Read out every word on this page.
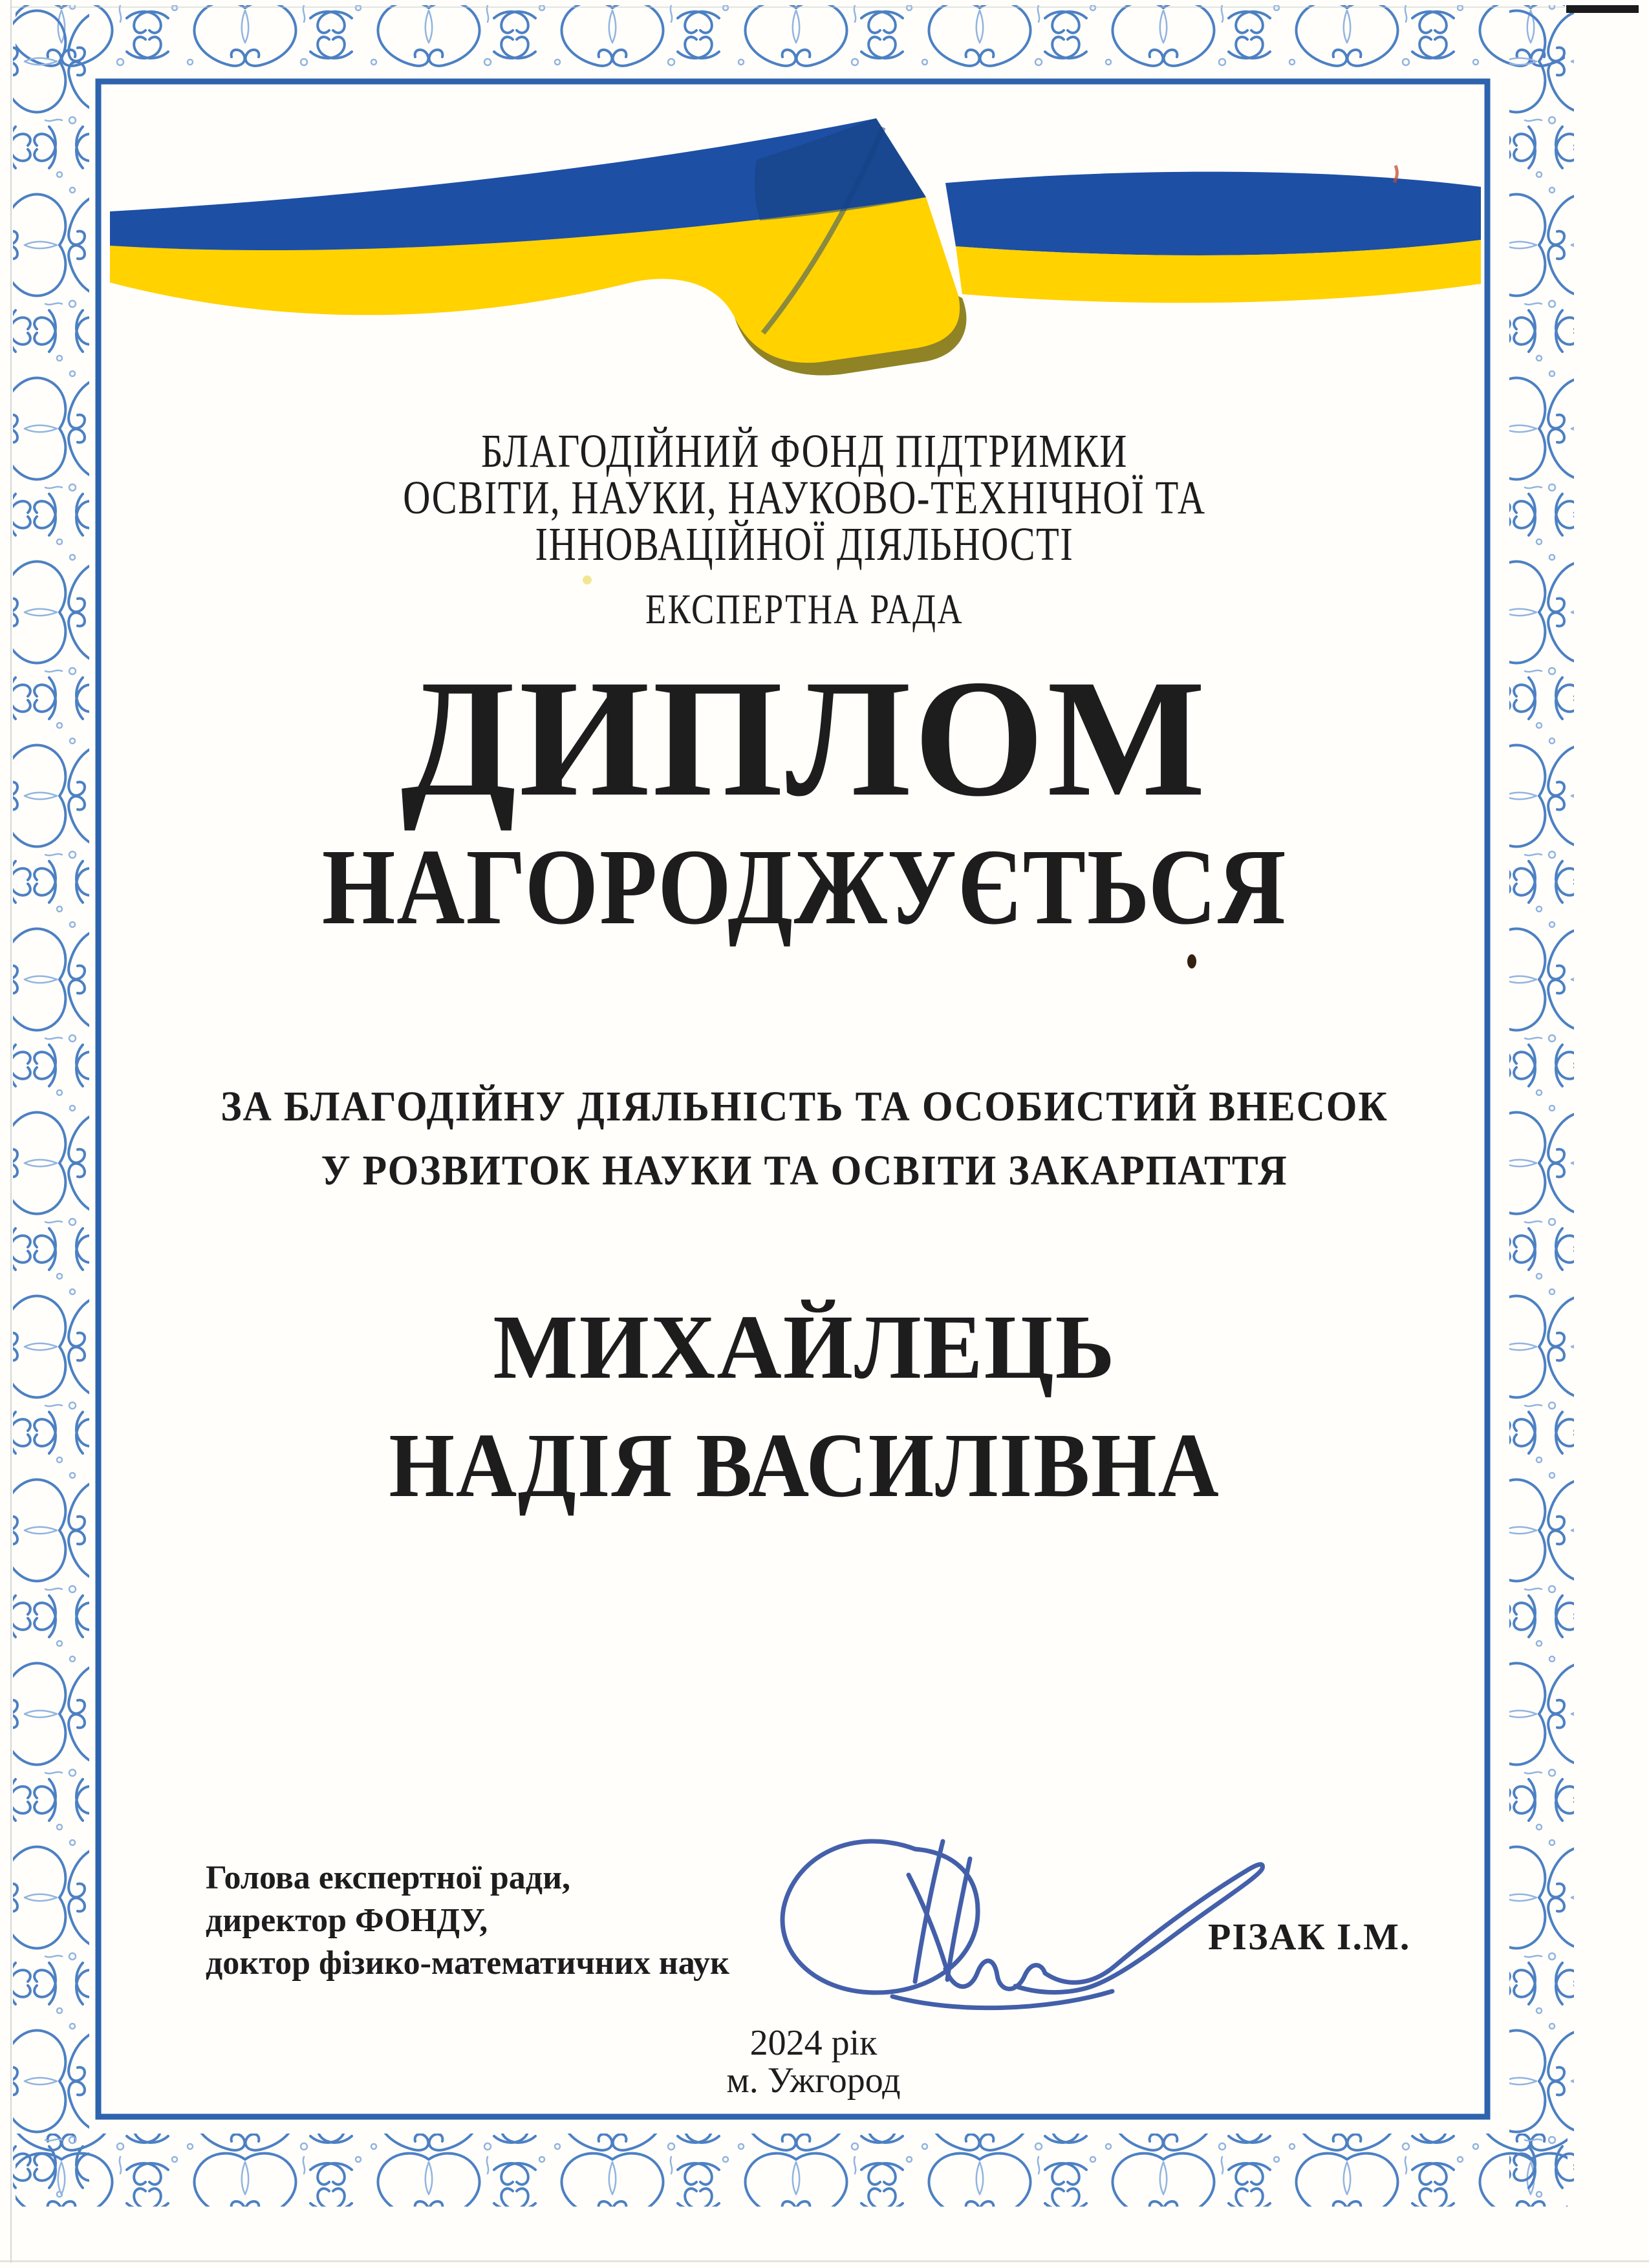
БЛАГОДІЙНИЙ ФОНД ПІДТРИМКИ
ОСВІТИ, НАУКИ, НАУКОВО-ТЕХНІЧНОЇ ТА
ІННОВАЦІЙНОЇ ДІЯЛЬНОСТІ
ЕКСПЕРТНА РАДА
ДИПЛОМ
НАГОРОДЖУЄТЬСЯ
ЗА БЛАГОДІЙНУ ДІЯЛЬНІСТЬ ТА ОСОБИСТИЙ ВНЕСОК
У РОЗВИТОК НАУКИ ТА ОСВІТИ ЗАКАРПАТТЯ
МИХАЙЛЕЦЬ
НАДІЯ ВАСИЛІВНА
Голова експертної ради,
директор ФОНДУ,
доктор фізико-математичних наук
РІЗАК І.М.
2024 рік
м. Ужгород
